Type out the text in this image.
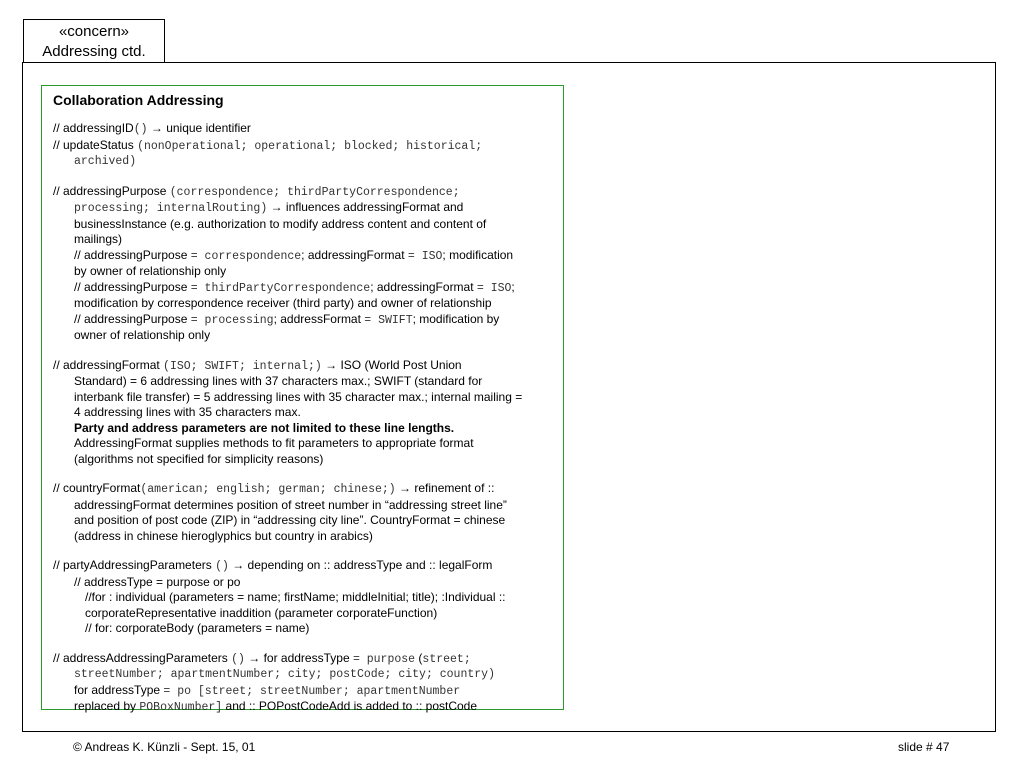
«concern»
Addressing ctd.
Collaboration Addressing
// addressingID() → unique identifier
// updateStatus (nonOperational; operational; blocked; historical;
archived)
// addressingPurpose (correspondence; thirdPartyCorrespondence;
processing; internalRouting) → influences addressingFormat and
businessInstance (e.g. authorization to modify address content and content of
mailings)
// addressingPurpose = correspondence; addressingFormat = ISO; modification
by owner of relationship only
// addressingPurpose = thirdPartyCorrespondence; addressingFormat = ISO;
modification by correspondence receiver (third party) and owner of relationship
// addressingPurpose = processing; addressFormat = SWIFT; modification by
owner of relationship only
// addressingFormat (ISO; SWIFT; internal;) → ISO (World Post Union
Standard) = 6 addressing lines with 37 characters max.; SWIFT (standard for
interbank file transfer) = 5 addressing lines with 35 character max.; internal mailing =
4 addressing lines with 35 characters max.
Party and address parameters are not limited to these line lengths.
AddressingFormat supplies methods to fit parameters to appropriate format
(algorithms not specified for simplicity reasons)
// countryFormat(american; english; german; chinese;) → refinement of ::
addressingFormat determines position of street number in “addressing street line”
and position of post code (ZIP) in “addressing city line”. CountryFormat = chinese
(address in chinese hieroglyphics but country in arabics)
// partyAddressingParameters () → depending on :: addressType and :: legalForm
// addressType = purpose or po
//for : individual (parameters = name; firstName; middleInitial; title); :Individual ::
corporateRepresentative inaddition (parameter corporateFunction)
// for: corporateBody (parameters = name)
// addressAddressingParameters () → for addressType = purpose (street;
streetNumber; apartmentNumber; city; postCode; city; country)
for addressType = po [street; streetNumber; apartmentNumber
replaced by POBoxNumber] and :: POPostCodeAdd is added to :: postCode
© Andreas K. Künzli - Sept. 15, 01	slide # 47
